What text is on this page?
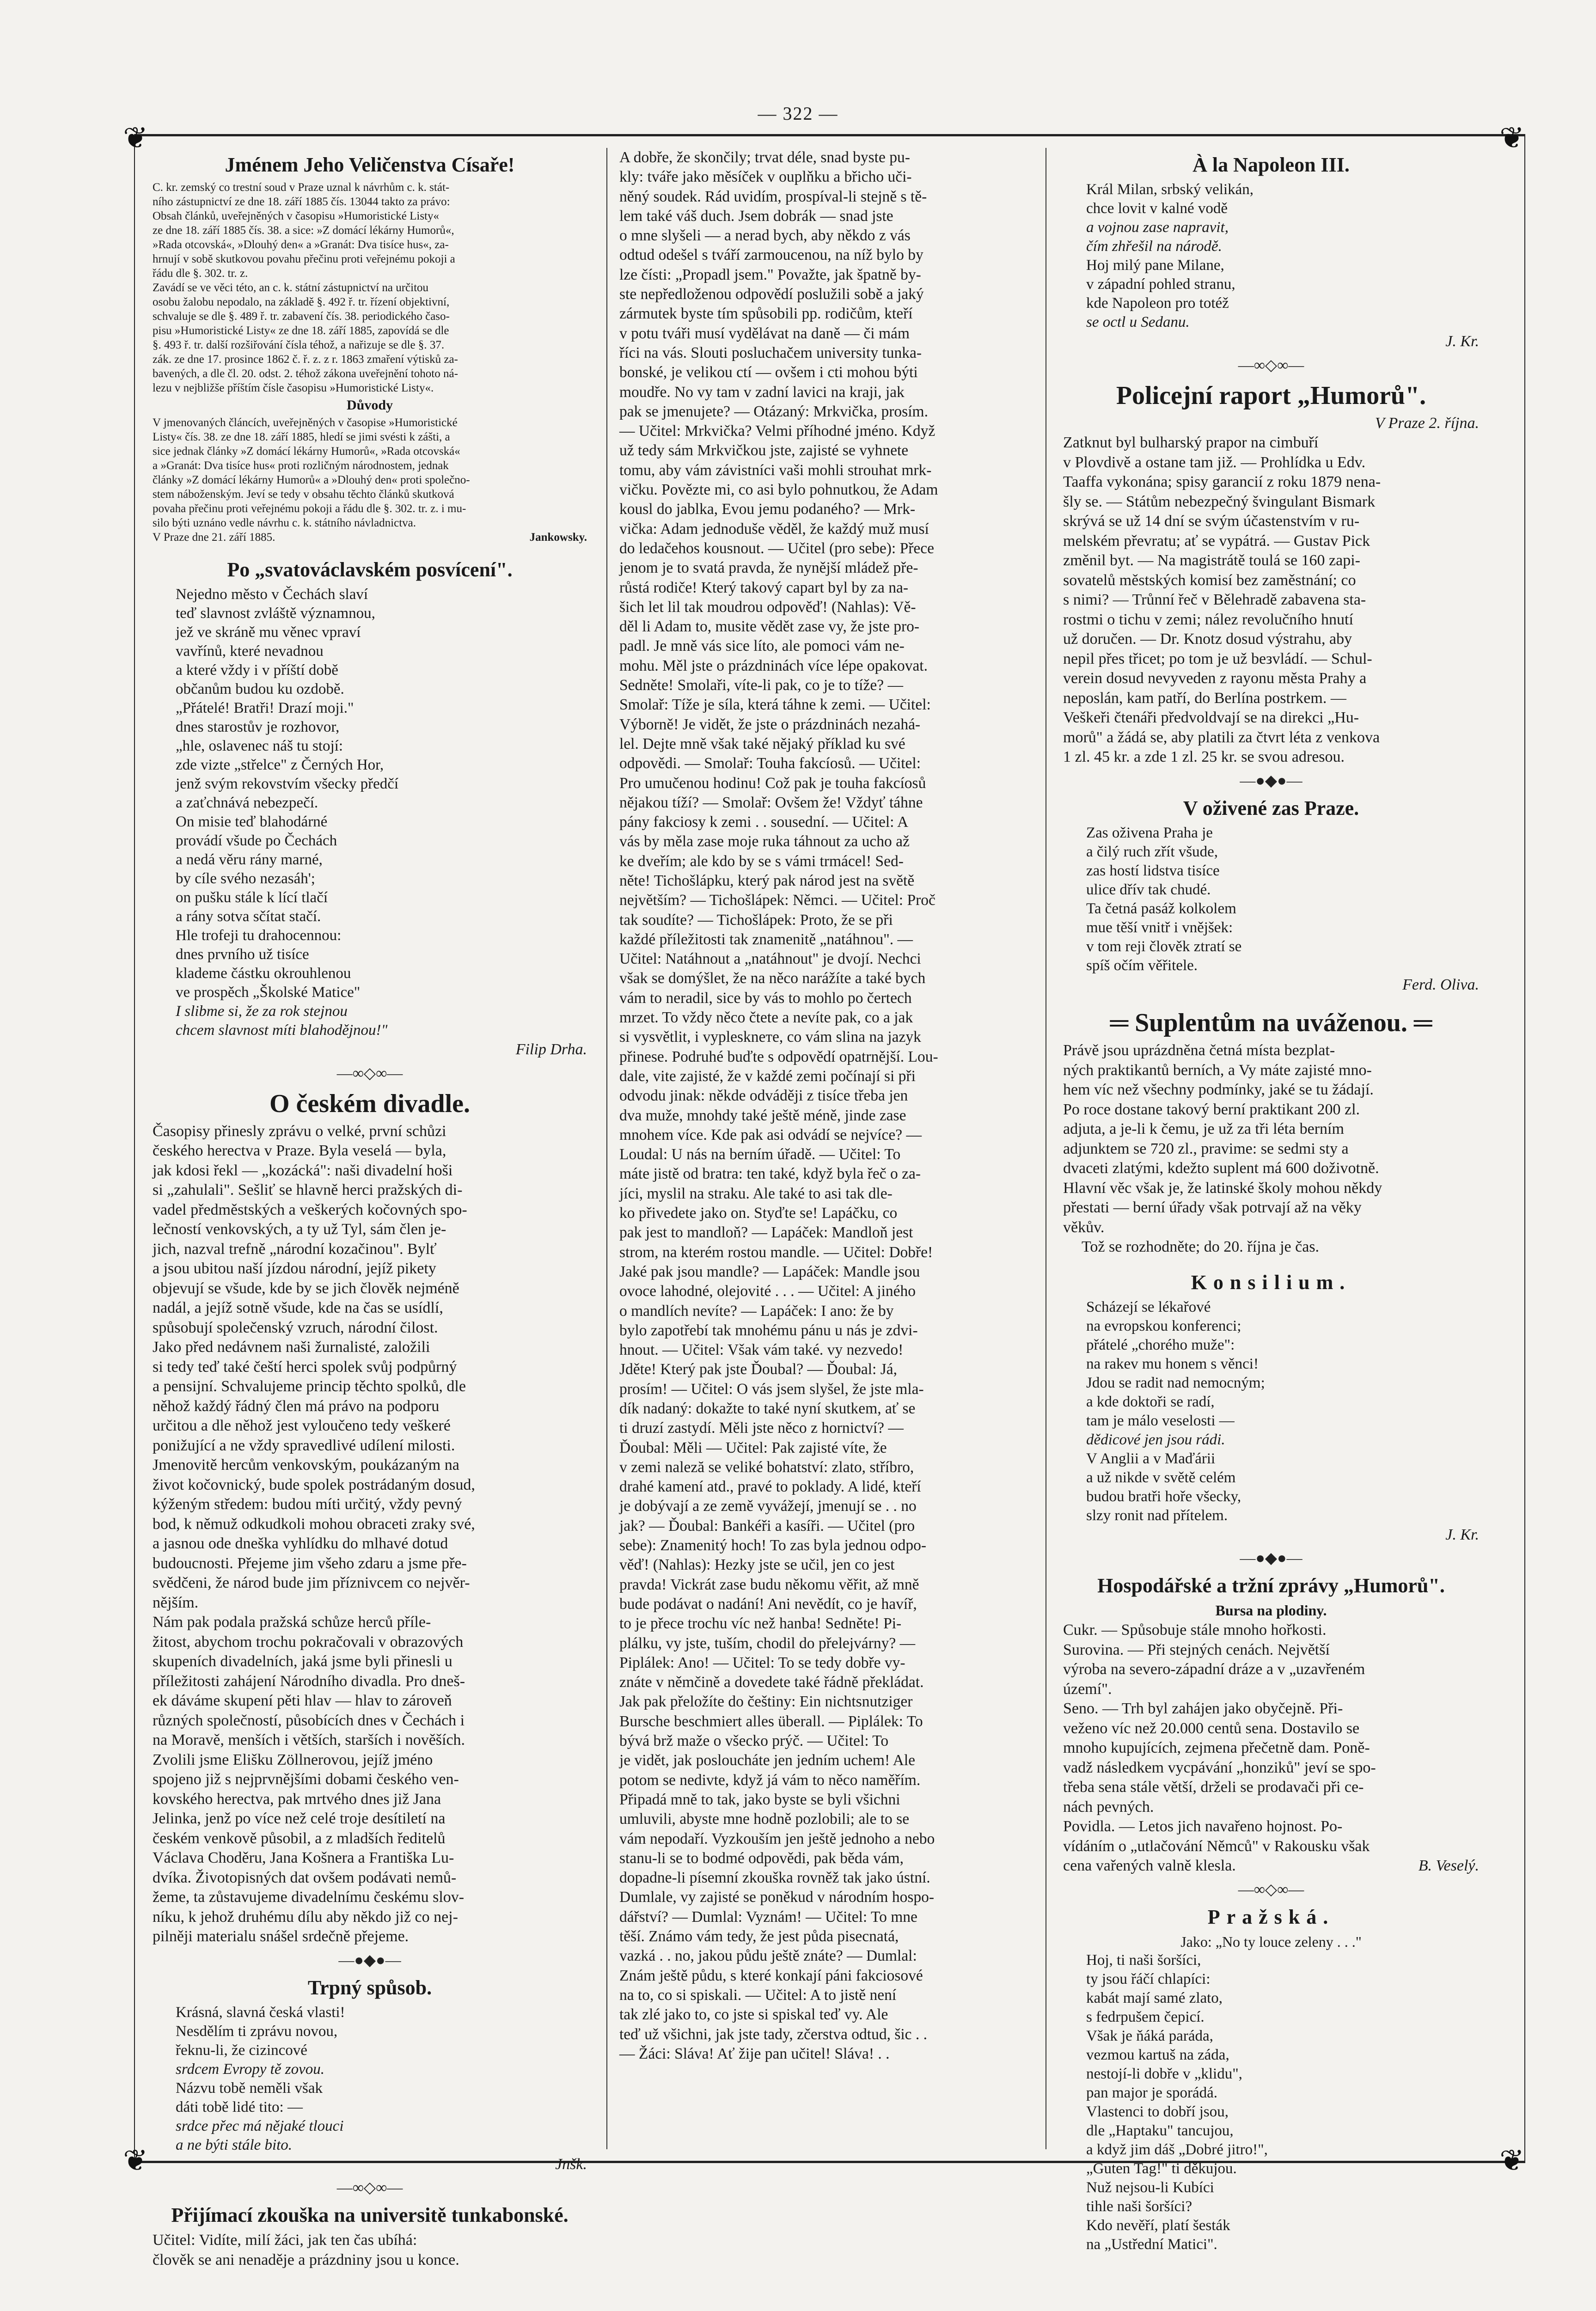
— 322 —
❦	❦
❦	❦
Jménem Jeho Veličenstva Císaře!
C. kr. zemský co trestní soud v Praze uznal k návrhům c. k. stát-
ního zástupnictví ze dne 18. září 1885 čís. 13044 takto za právo:
Obsah článků, uveřejněných v časopisu »Humoristické Listy«
ze dne 18. září 1885 čís. 38. a sice: »Z domácí lékárny Humorů«,
»Rada otcovská«, »Dlouhý den« a »Granát: Dva tisíce hus«, za-
hrnují v sobě skutkovou povahu přečinu proti veřejnému pokoji a
řádu dle §. 302. tr. z.
Zavádí se ve věci této, an c. k. státní zástupnictví na určitou
osobu žalobu nepodalo, na základě §. 492 ř. tr. řízení objektivní,
schvaluje se dle §. 489 ř. tr. zabavení čís. 38. periodického časo-
pisu »Humoristické Listy« ze dne 18. září 1885, zapovídá se dle
§. 493 ř. tr. další rozšiřování čísla téhož, a nařizuje se dle §. 37.
zák. ze dne 17. prosince 1862 č. ř. z. z r. 1863 zmaření výtisků za-
bavených, a dle čl. 20. odst. 2. téhož zákona uveřejnění tohoto ná-
lezu v nejbližše příštím čísle časopisu »Humoristické Listy«.
Důvody
V jmenovaných článcích, uveřejněných v časopise »Humoristické
Listy« čís. 38. ze dne 18. září 1885, hledí se jimi svésti k zášti, a
sice jednak články »Z domácí lékárny Humorů«, »Rada otcovská«
a »Granát: Dva tisíce hus« proti rozličným národnostem, jednak
články »Z domácí lékárny Humorů« a »Dlouhý den« proti společno-
stem náboženským. Jeví se tedy v obsahu těchto článků skutková
povaha přečinu proti veřejnému pokoji a řádu dle §. 302. tr. z. i mu-
silo býti uznáno vedle návrhu c. k. státního návladnictva.
V Praze dne 21. září 1885.	Jankowsky.
Po „svatováclavském posvícení".
Nejedno město v Čechách slaví
teď slavnost zvláště významnou,
jež ve skráně mu věnec vpraví
vavřínů, které nevadnou
a které vždy i v příští době
občanům budou ku ozdobě.
„Přátelé! Bratři! Drazí moji."
dnes starostův je rozhovor,
„hle, oslavenec náš tu stojí:
zde vizte „střelce" z Černých Hor,
jenž svým rekovstvím všecky předčí
a zaťchnává nebezpečí.
On misie teď blahodárné
provádí všude po Čechách
a nedá věru rány marné,
by cíle svého nezasáh';
on pušku stále k lící tlačí
a rány sotva sčítat stačí.
Hle trofeji tu drahocennou:
dnes prvního už tisíce
klademe částku okrouhlenou
ve prospěch „Školské Matice"
I slibme si, že za rok stejnou
chcem slavnost míti blahodějnou!"
Filip Drha.
—∞◇∞—
O českém divadle.
Časopisy přinesly zprávu o velké, první schůzi
českého herectva v Praze. Byla veselá — byla,
jak kdosi řekl — „kozácká": naši divadelní hoši
si „zahulali". Sešliť se hlavně herci pražských di-
vadel předměstských a veškerých kočovných spo-
lečností venkovských, a ty už Tyl, sám člen je-
jich, nazval trefně „národní kozačinou". Bylť
a jsou ubitou naší jízdou národní, jejíž pikety
objevují se všude, kde by se jich člověk nejméně
nadál, a jejíž sotně všude, kde na čas se usídlí,
spůsobují společenský vzruch, národní čilost.
Jako před nedávnem naši žurnalisté, založili
si tedy teď také čeští herci spolek svůj podpůrný
a pensijní. Schvalujeme princip těchto spolků, dle
něhož každý řádný člen má právo na podporu
určitou a dle něhož jest vyloučeno tedy veškeré
ponižující a ne vždy spravedlivé udílení milosti.
Jmenovitě hercům venkovským, poukázaným na
život kočovnický, bude spolek postrádaným dosud,
kýženým středem: budou míti určitý, vždy pevný
bod, k němuž odkudkoli mohou obraceti zraky své,
a jasnou ode dneška vyhlídku do mlhavé dotud
budoucnosti. Přejeme jim všeho zdaru a jsme pře-
svědčeni, že národ bude jim příznivcem co nejvěr-
nějším.
Nám pak podala pražská schůze herců příle-
žitost, abychom trochu pokračovali v obrazových
skupeních divadelních, jaká jsme byli přinesli u
příležitosti zahájení Národního divadla. Pro dneš-
ek dáváme skupení pěti hlav — hlav to zároveň
různých společností, působících dnes v Čechách i
na Moravě, menších i větších, starších i nověších.
Zvolili jsme Elišku Zöllnerovou, jejíž jméno
spojeno již s nejprvnějšími dobami českého ven-
kovského herectva, pak mrtvého dnes již Jana
Jelinka, jenž po více než celé troje desítiletí na
českém venkově působil, a z mladších ředitelů
Václava Choděru, Jana Košnera a Františka Lu-
dvíka. Životopisných dat ovšem podávati nemů-
žeme, ta zůstavujeme divadelnímu českému slov-
níku, k jehož druhému dílu aby někdo již co nej-
pilněji materialu snášel srdečně přejeme.
—●◆●—
Trpný spůsob.
Krásná, slavná česká vlasti!
Nesdělím ti zprávu novou,
řeknu-li, že cizincové
srdcem Evropy tě zovou.
Názvu tobě neměli však
dáti tobě lidé tito: —
srdce přec má nějaké tlouci
a ne býti stále bito.
Jnšk.
—∞◇∞—
Přijímací zkouška na universitě tunkabonské.
Učitel: Vidíte, milí žáci, jak ten čas ubíhá:
člověk se ani nenadějе a prázdniny jsou u konce.
A dobře, že skončily; trvat déle, snad byste pu-
kly: tváře jako měsíček v ouplňku a břicho uči-
něný soudek. Rád uvidím, prospíval-li stejně s tě-
lem také váš duch. Jsem dobrák — snad jste
o mne slyšeli — a nerad bych, aby někdo z vás
odtud odešel s tváří zarmoucenou, na níž bylo by
lze čísti: „Propadl jsem." Považte, jak špatně by-
ste nepředloženou odpovědí poslužili sobě a jaký
zármutek byste tím spůsobili pp. rodičům, kteří
v potu tváři musí vydělávat na daně — či mám
říci na vás. Slouti posluchačem university tunka-
bonské, je velikou ctí — ovšem i cti mohou býti
moudře. No vy tam v zadní lavici na kraji, jak
pak se jmenujete? — Otázaný: Mrkvička, prosím.
— Učitel: Mrkvička? Velmi příhodné jméno. Když
už tedy sám Mrkvičkou jste, zajisté se vyhnete
tomu, aby vám závistníci vaši mohli strouhat mrk-
vičku. Povězte mi, co asi bylo pohnutkou, že Adam
kousl do jablka, Evou jemu podaného? — Mrk-
vička: Adam jednoduše věděl, že každý muž musí
do ledačehos kousnout. — Učitel (pro sebe): Přece
jenom je to svatá pravda, že nynější mládež pře-
růstá rodiče! Který takový capart byl by za na-
šich let lil tak moudrou odpověď! (Nahlas): Vě-
děl li Adam to, musite vědět zase vy, že jste pro-
padl. Je mně vás sice líto, ale pomoci vám ne-
mohu. Měl jste o prázdninách více lépe opakovat.
Sedněte! Smolaři, víte-li pak, co je to tíže? —
Smolař: Tíže je síla, která táhne k zemi. — Učitel:
Výborně! Je vidět, že jste o prázdninách nezahá-
lel. Dejte mně však také nějaký příklad ku své
odpovědi. — Smolař: Touha fakcíosů. — Učitel:
Pro umučenou hodinu! Což pak je touha fakcíosů
nějakou tíží? — Smolař: Ovšem že! Vždyť táhne
pány fakciosy k zemi . . sousední. — Učitel: A
vás by měla zase moje ruka táhnout za ucho až
ke dveřím; ale kdo by se s vámi trmácel! Sed-
něte! Tichošlápku, který pak národ jest na světě
největším? — Tichošlápek: Němci. — Učitel: Proč
tak soudíte? — Tichošlápek: Proto, že se při
každé příležitosti tak znamenitě „natáhnou". —
Učitel: Natáhnout a „natáhnout" je dvojí. Nechci
však se domýšlet, že na něco narážíte a také bych
vám to neradil, sice by vás to mohlo po čertech
mrzet. To vždy něco čtete a nevíte pak, co a jak
si vysvětlit, i vypleskneте, co vám slina na jazyk
přinese. Podruhé buďte s odpovědí opatrnější. Lou-
dale, vite zajisté, že v každé zemi počínají si při
odvodu jinak: někde odváději z tisíce třeba jen
dva muže, mnohdy také ještě méně, jinde zase
mnohem více. Kde pak asi odvádí se nejvíce? —
Loudal: U nás na berním úřadě. — Učitel: To
máte jistě od bratra: ten také, když byla řeč o za-
jíci, myslil na straku. Ale také to asi tak dle-
ko přivedete jako on. Styďte se! Lapáčku, co
pak jest to mandloň? — Lapáček: Mandloň jest
strom, na kterém rostou mandle. — Učitel: Dobře!
Jaké pak jsou mandle? — Lapáček: Mandle jsou
ovoce lahodné, olejovité . . . — Učitel: A jiného
o mandlích nevíte? — Lapáček: I ano: že by
bylo zapotřebí tak mnohému pánu u nás je zdvi-
hnout. — Učitel: Však vám také. vy nezvedo!
Jděte! Který pak jste Ďoubal? — Ďoubal: Já,
prosím! — Učitel: O vás jsem slyšel, že jste mla-
dík nadaný: dokažte to také nyní skutkem, ať se
ti druzí zastydí. Měli jste něco z hornictví? —
Ďoubal: Měli — Učitel: Pak zajisté víte, že
v zemi naleză se veliké bohatství: zlato, stříbro,
drahé kamení atd., pravé to poklady. A lidé, kteří
je dobývají a ze země vyvážejí, jmenují se . . no
jak? — Ďoubal: Bankéři a kasíři. — Učitel (pro
sebe): Znamenitý hoch! To zas byla jednou odpo-
věď! (Nahlas): Hezky jste se učil, jen co jest
pravda! Vickrát zase budu někomu věřit, až mně
bude podávat o nadání! Ani nevědít, co je havíř,
to je přece trochu víc než hanba! Sedněte! Pi-
plálku, vy jste, tuším, chodil do přelejvárny? —
Piplálek: Ano! — Učitel: To se tedy dobře vy-
znáte v němčině a dovedete také řádně překládat.
Jak pak přeložíte do češtiny: Ein nichtsnutziger
Bursche beschmiert alles überall. — Piplálek: To
bývá brž maže o všecko prýč. — Učitel: To
je vidět, jak posloucháte jen jedním uchem! Ale
potom se nedivte, když já vám to něco naměřím.
Připadá mně to tak, jako byste se byli všichni
umluvili, abyste mne hodně pozlobili; ale to se
vám nepodaří. Vyzkouším jen ještě jednoho a nebo
stanu-li se to bodmé odpovědi, pak běda vám,
dopadne-li písemní zkouška rovněž tak jako ústní.
Dumlale, vy zajisté se poněkud v národním hospo-
dářství? — Dumlal: Vyznám! — Učitel: To mne
těší. Známo vám tedy, že jest půda pisecnatá,
vazká . . no, jakou půdu ještě znáte? — Dumlal:
Znám ještě půdu, s které konkají páni fakciosové
na to, co si spiskali. — Učitel: A to jistě není
tak zlé jako to, co jste si spiskal teď vy. Ale
teď už všichni, jak jste tady, zčerstva odtud, šic . .
— Žáci: Sláva! Ať žije pan učitel! Sláva! . .
À la Napoleon III.
Král Milan, srbský velikán,
chce lovit v kalné vodě
a vojnou zase napravit,
čím zhřešil na národě.
Hoj milý pane Milane,
v západní pohled stranu,
kde Napoleon pro totéž
se octl u Sedanu.
J. Kr.
—∞◇∞—
Policejní raport „Humorů".
V Praze 2. října.
Zatknut byl bulharský prapor na cimbuří
v Plovdivě a ostane tam již. — Prohlídka u Edv.
Taaffa vykonána; spisy garancií z roku 1879 nena-
šly se. — Státům nebezpečný švingulant Bismark
skrývá se už 14 dní se svým účastenstvím v ru-
melském převratu; ať se vypátrá. — Gustav Pick
změnil byt. — Na magistrátě toulá se 160 zapi-
sovatelů městských komisí bez zaměstnání; co
s nimi? — Trůnní řeč v Bělehradě zabavena sta-
rostmi o tichu v zemi; nález revolučního hnutí
už doručen. — Dr. Knotz dosud výstrahu, aby
nepil přes třicet; po tom je už beзvládí. — Schul-
verein dosud nevyveden z rayonu města Prahy a
neposlán, kam patří, do Berlína postrkem. —
Veškeři čtenáři předvoldvají se na direkci „Hu-
morů" a žádá se, aby platili za čtvrt léta z venkova
1 zl. 45 kr. a zde 1 zl. 25 kr. se svou adresou.
—●◆●—
V oživené zas Praze.
Zas oživena Praha je
a čilý ruch zřít všude,
zas hostí lidstva tisíce
ulice dřív tak chudé.
Ta četná pasáž kolkolem
mue těší vnitř i vnějšek:
v tom reji člověk ztratí se
spíš očím věřitele.
Ferd. Oliva.
═ Suplentům na uváženou. ═
Právě jsou uprázdněna četná místa bezplat-
ných praktikantů berních, a Vy máte zajisté mno-
hem víc než všechny podmínky, jaké se tu žádají.
Po roce dostane takový berní praktikant 200 zl.
adjuta, a je-li k čemu, je už za tři léta berním
adjunktem se 720 zl., pravime: se sedmi sty a
dvaceti zlatými, kdežto suplent má 600 doživotně.
Hlavní věc však je, že latinské školy mohou někdy
přestati — berní úřady však potrvají až na věky
věkův.
Tož se rozhodněte; do 20. října je čas.
Konsilium.
Scházejí se lékařové
na evropskou konferenci;
přátelé „chorého muže":
na rakev mu honem s věnci!
Jdou se radit nad nemocným;
a kde doktoři se radí,
tam je málo veselosti —
dědicové jen jsou rádi.
V Anglii a v Maďárii
a už nikde v světě celém
budou bratři hoře všecky,
slzy ronit nad přítelem.
J. Kr.
—●◆●—
Hospodářské a tržní zprávy „Humorů".
Bursa na plodiny.
Cukr. — Spůsobuje stále mnoho hořkosti.
Surovina. — Při stejných cenách. Největší
výroba na severo-západní dráze a v „uzavřeném
území".
Seno. — Trh byl zahájen jako obyčejně. Při-
veženo víc než 20.000 centů sena. Dostavilo se
mnoho kupujících, zejmena přečetně dam. Poně-
vadž následkem vycpávání „honziků" jeví se spo-
třeba sena stále větší, drželi se prodavači při ce-
nách pevných.
Povidla. — Letos jich navařeno hojnost. Po-
vídáním o „utlačování Němců" v Rakousku však
cena vařených valně klesla.	B. Veselý.
—∞◇∞—
Pražská.
Jako: „No ty louce zeleny . . ."
Hoj, ti naši šoršíci,
ty jsou řáčí chlapíci:
kabát mají samé zlato,
s fedrpušem čepicí.
Však je ňáká parádа,
vezmou kartuš na záda,
nestojí-li dobře v „klidu",
pan major je sporádá.
Vlastenci to dobří jsou,
dle „Haptaku" tancujou,
a když jim dáš „Dobré jitro!",
„Guten Tag!" ti děkujou.
Nuž nejsou-li Kubíci
tihle naši šoršíci?
Kdo nevěří, platí šesták
na „Ustřední Matici".
